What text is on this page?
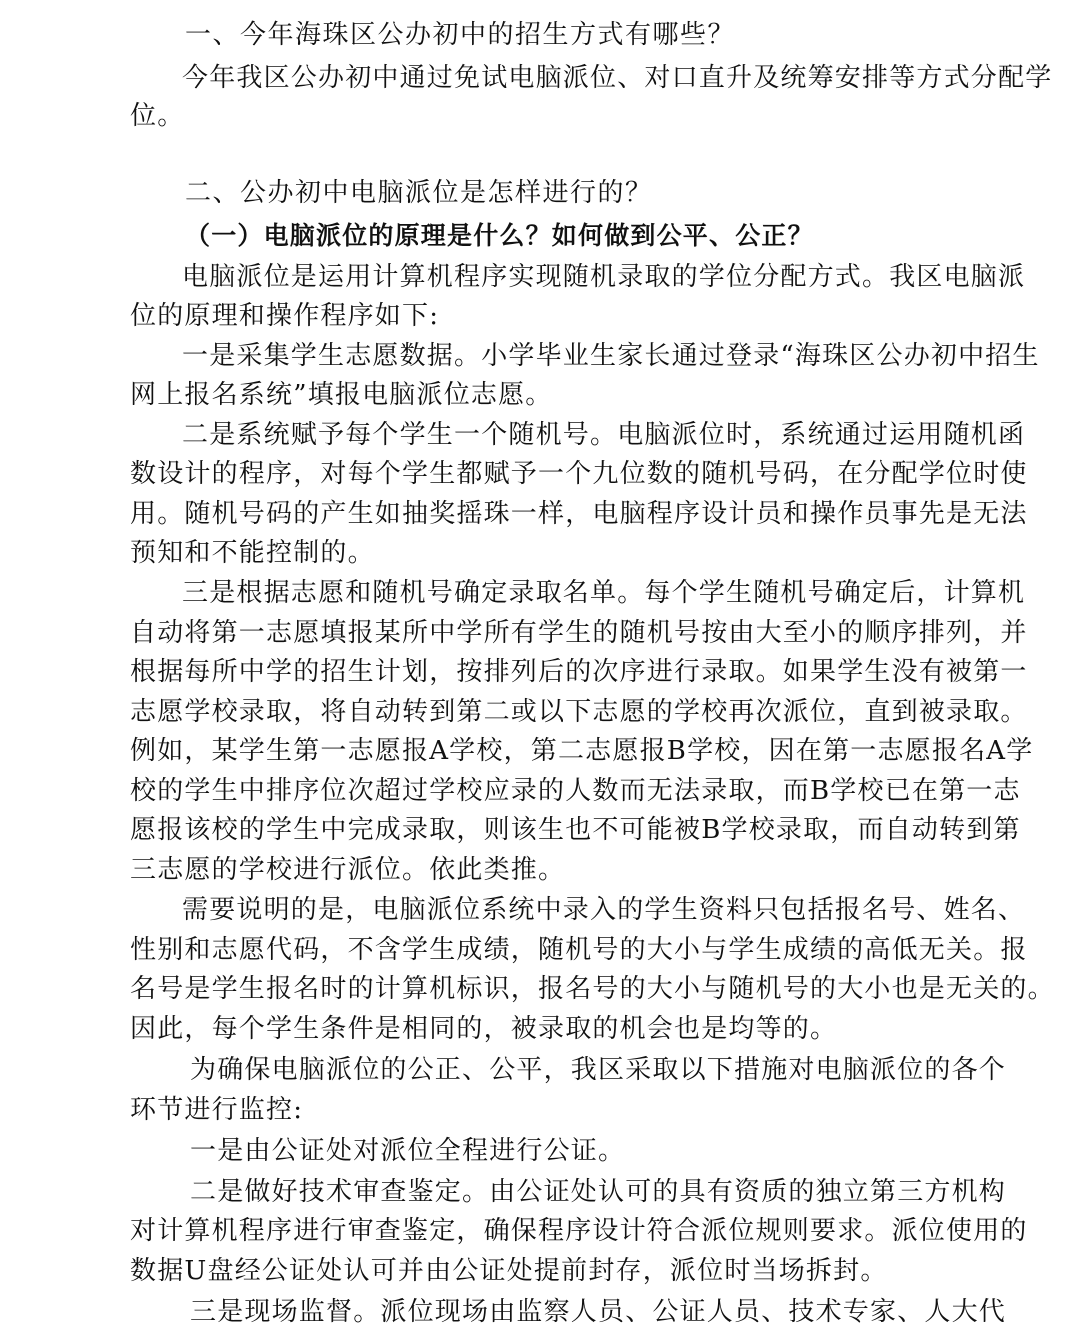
一、今年海珠区公办初中的招生方式有哪些？
今年我区公办初中通过免试电脑派位、对口直升及统筹安排等方式分配学
位。
二、公办初中电脑派位是怎样进行的？
（一）电脑派位的原理是什么？如何做到公平、公正？
电脑派位是运用计算机程序实现随机录取的学位分配方式。我区电脑派
位的原理和操作程序如下:
一是采集学生志愿数据。小学毕业生家长通过登录“海珠区公办初中招生
网上报名系统”填报电脑派位志愿。
二是系统赋予每个学生一个随机号。电脑派位时，系统通过运用随机函
数设计的程序，对每个学生都赋予一个九位数的随机号码，在分配学位时使
用。随机号码的产生如抽奖摇珠一样，电脑程序设计员和操作员事先是无法
预知和不能控制的。
三是根据志愿和随机号确定录取名单。每个学生随机号确定后，计算机
自动将第一志愿填报某所中学所有学生的随机号按由大至小的顺序排列，并
根据每所中学的招生计划，按排列后的次序进行录取。如果学生没有被第一
志愿学校录取，将自动转到第二或以下志愿的学校再次派位，直到被录取。
例如，某学生第一志愿报A学校，第二志愿报B学校，因在第一志愿报名A学
校的学生中排序位次超过学校应录的人数而无法录取，而B学校已在第一志
愿报该校的学生中完成录取，则该生也不可能被B学校录取，而自动转到第
三志愿的学校进行派位。依此类推。
需要说明的是，电脑派位系统中录入的学生资料只包括报名号、姓名、
性别和志愿代码，不含学生成绩，随机号的大小与学生成绩的高低无关。报
名号是学生报名时的计算机标识，报名号的大小与随机号的大小也是无关的。
因此，每个学生条件是相同的，被录取的机会也是均等的。
为确保电脑派位的公正、公平，我区采取以下措施对电脑派位的各个
环节进行监控:
一是由公证处对派位全程进行公证。
二是做好技术审查鉴定。由公证处认可的具有资质的独立第三方机构
对计算机程序进行审查鉴定，确保程序设计符合派位规则要求。派位使用的
数据U盘经公证处认可并由公证处提前封存，派位时当场拆封。
三是现场监督。派位现场由监察人员、公证人员、技术专家、人大代
